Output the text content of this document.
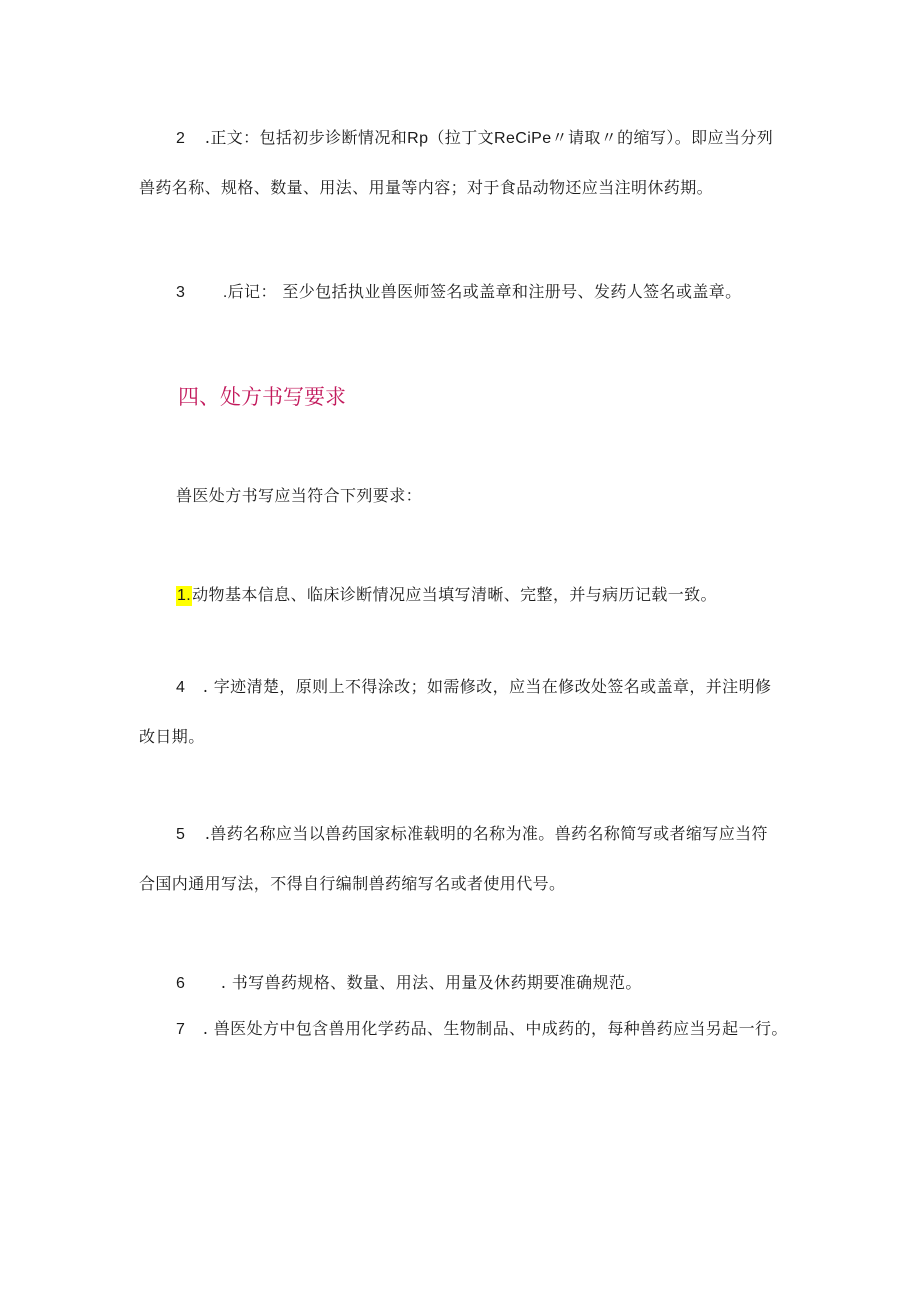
2 .正文：包括初步诊断情况和Rp（拉丁文ReCiPe〃请取〃的缩写）。即应当分列
兽药名称、规格、数量、用法、用量等内容；对于食品动物还应当注明休药期。
3 .后记： 至少包括执业兽医师签名或盖章和注册号、发药人签名或盖章。
四、处方书写要求
兽医处方书写应当符合下列要求：
1.动物基本信息、临床诊断情况应当填写清晰、完整，并与病历记载一致。
4 . 字迹清楚，原则上不得涂改；如需修改，应当在修改处签名或盖章，并注明修
改日期。
5 .兽药名称应当以兽药国家标准载明的名称为准。兽药名称简写或者缩写应当符
合国内通用写法，不得自行编制兽药缩写名或者使用代号。
6 . 书写兽药规格、数量、用法、用量及休药期要准确规范。
7 . 兽医处方中包含兽用化学药品、生物制品、中成药的，每种兽药应当另起一行。
